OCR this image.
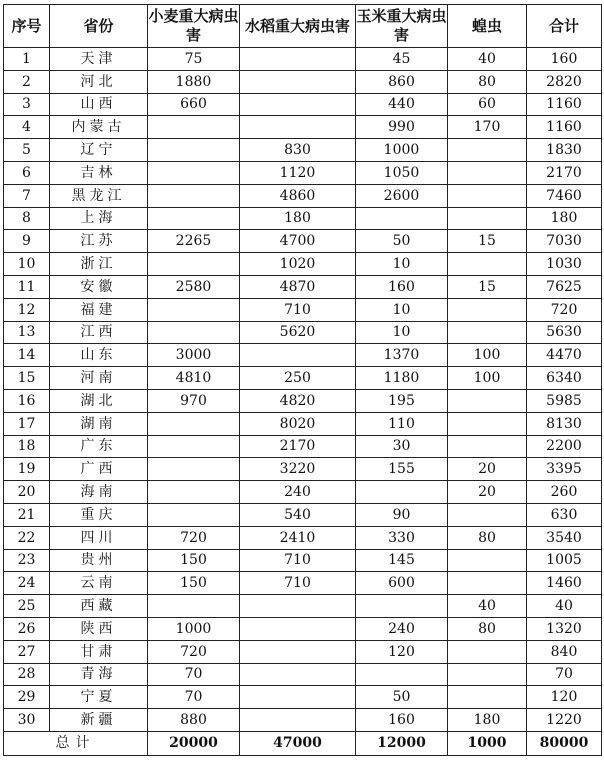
序号	省份	小麦重大病虫害	水稻重大病虫害	玉米重大病虫害	蝗虫	合计
1	天津	75		45	40	160
2	河北	1880		860	80	2820
3	山西	660		440	60	1160
4	内蒙古			990	170	1160
5	辽宁		830	1000		1830
6	吉林		1120	1050		2170
7	黑龙江		4860	2600		7460
8	上海		180			180
9	江苏	2265	4700	50	15	7030
10	浙江		1020	10		1030
11	安徽	2580	4870	160	15	7625
12	福建		710	10		720
13	江西		5620	10		5630
14	山东	3000		1370	100	4470
15	河南	4810	250	1180	100	6340
16	湖北	970	4820	195		5985
17	湖南		8020	110		8130
18	广东		2170	30		2200
19	广西		3220	155	20	3395
20	海南		240		20	260
21	重庆		540	90		630
22	四川	720	2410	330	80	3540
23	贵州	150	710	145		1005
24	云南	150	710	600		1460
25	西藏				40	40
26	陕西	1000		240	80	1320
27	甘肃	720		120		840
28	青海	70				70
29	宁夏	70		50		120
30	新疆	880		160	180	1220
总计		20000	47000	12000	1000	80000
